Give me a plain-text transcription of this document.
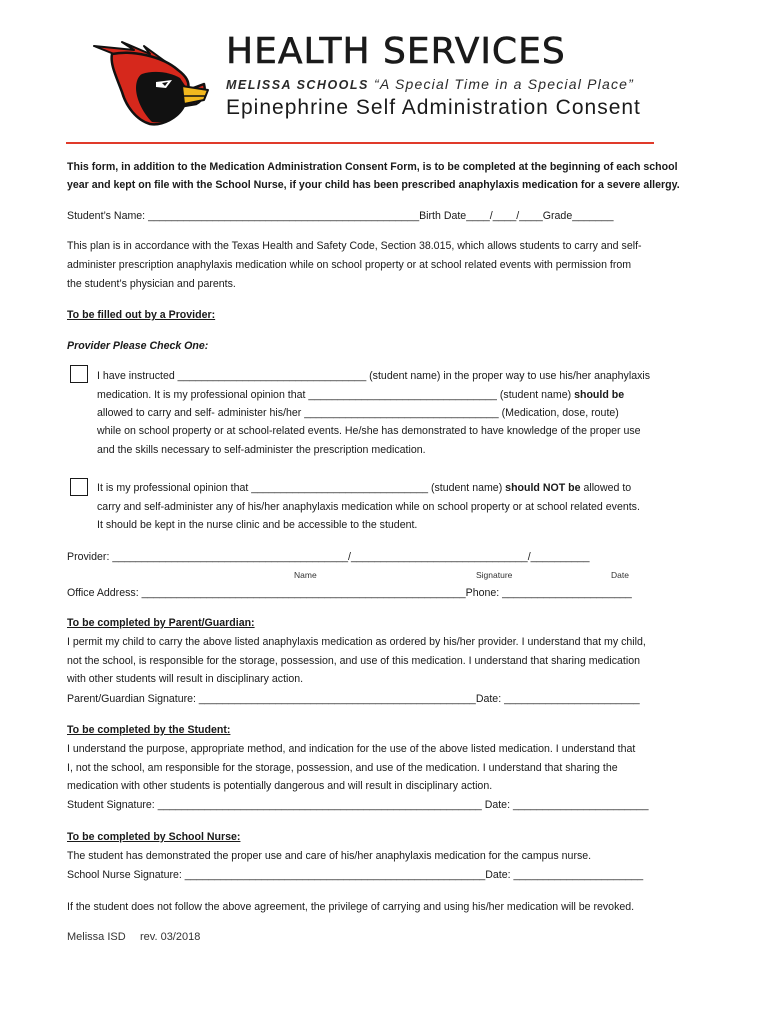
HEALTH SERVICES
MELISSA SCHOOLS “A Special Time in a Special Place”
Epinephrine Self Administration Consent
This form, in addition to the Medication Administration Consent Form, is to be completed at the beginning of each school
year and kept on file with the School Nurse, if your child has been prescribed anaphylaxis medication for a severe allergy.
Student’s Name: ______________________________________________Birth Date____/____/____Grade_______
This plan is in accordance with the Texas Health and Safety Code, Section 38.015, which allows students to carry and self-
administer prescription anaphylaxis medication while on school property or at school related events with permission from
the student’s physician and parents.
To be filled out by a Provider:
Provider Please Check One:
I have instructed ________________________________ (student name) in the proper way to use his/her anaphylaxis
medication. It is my professional opinion that ________________________________ (student name) should be
allowed to carry and self- administer his/her _________________________________ (Medication, dose, route)
while on school property or at school-related events. He/she has demonstrated to have knowledge of the proper use
and the skills necessary to self-administer the prescription medication.
It is my professional opinion that ______________________________ (student name) should NOT be allowed to
carry and self-administer any of his/her anaphylaxis medication while on school property or at school related events.
It should be kept in the nurse clinic and be accessible to the student.
Provider: ________________________________________/______________________________/__________
Name	Signature	Date
Office Address: _______________________________________________________Phone: ______________________
To be completed by Parent/Guardian:
I permit my child to carry the above listed anaphylaxis medication as ordered by his/her provider. I understand that my child,
not the school, is responsible for the storage, possession, and use of this medication. I understand that sharing medication
with other students will result in disciplinary action.
Parent/Guardian Signature: _______________________________________________Date: _______________________
To be completed by the Student:
I understand the purpose, appropriate method, and indication for the use of the above listed medication. I understand that
I, not the school, am responsible for the storage, possession, and use of the medication. I understand that sharing the
medication with other students is potentially dangerous and will result in disciplinary action.
Student Signature: _______________________________________________________ Date: _______________________
To be completed by School Nurse:
The student has demonstrated the proper use and care of his/her anaphylaxis medication for the campus nurse.
School Nurse Signature: ___________________________________________________Date: ______________________
If the student does not follow the above agreement, the privilege of carrying and using his/her medication will be revoked.
Melissa ISD rev. 03/2018
